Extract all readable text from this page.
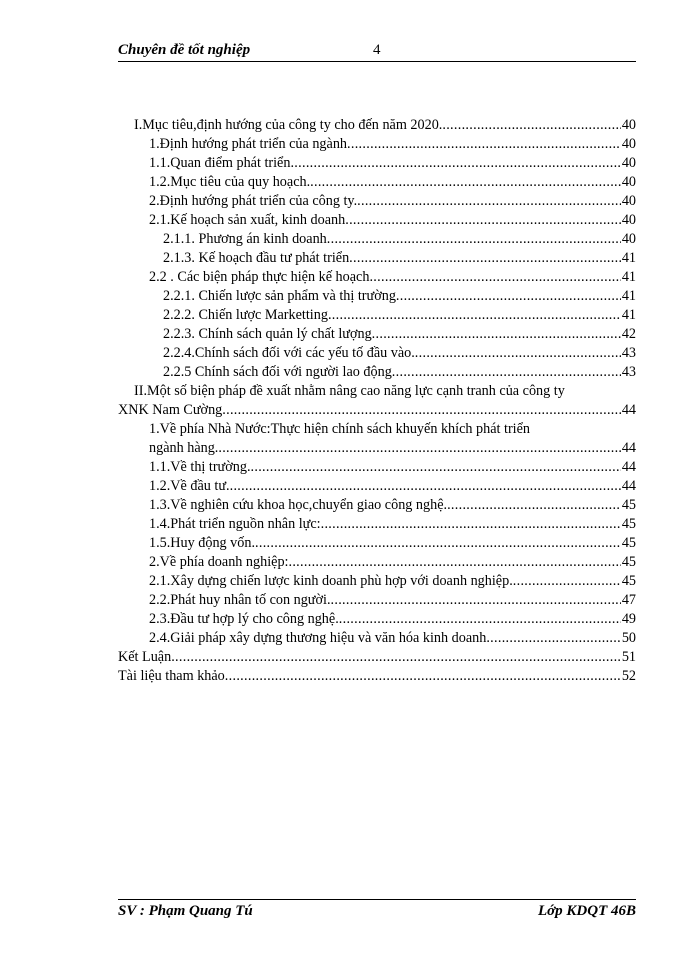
Chuyên đề tốt nghiệp	4
I.Mục tiêu,định hướng của công ty cho đến năm 2020. .....	40
1.Định hướng phát triển của ngành .....	40
1.1.Quan điểm phát triển .....	40
1.2.Mục tiêu của quy hoạch. .....	40
2.Định hướng phát triển của công ty. .....	40
2.1.Kế hoạch sản xuất, kinh doanh .....	40
2.1.1. Phương án kinh doanh .....	40
2.1.3. Kế hoạch đầu tư phát triển .....	41
2.2 . Các biện pháp thực hiện kế hoạch .....	41
2.2.1. Chiến lược sản phẩm và thị trường .....	41
2.2.2. Chiến lược Marketting .....	41
2.2.3. Chính sách quản lý chất lượng .....	42
2.2.4.Chính sách đối với các yếu tố đầu vào. .....	43
2.2.5 Chính sách đối với người lao động .....	43
II.Một số biện pháp đề xuất nhằm nâng cao năng lực cạnh tranh của công ty
XNK Nam Cường .....	44
1.Về phía Nhà Nước:Thực hiện chính sách khuyến khích phát triển
ngành hàng. .....	44
1.1.Về thị trường. .....	44
1.2.Về đầu tư. .....	44
1.3.Về nghiên cứu khoa học,chuyển giao công nghệ. .....	45
1.4.Phát triển nguồn nhân lực: .....	45
1.5.Huy động vốn. .....	45
2.Về phía doanh nghiệp: .....	45
2.1.Xây dựng chiến lược kinh doanh phù hợp với doanh nghiệp. .....	45
2.2.Phát huy nhân tố con người. .....	47
2.3.Đầu tư hợp lý cho công nghệ. .....	49
2.4.Giải pháp xây dựng thương hiệu và văn hóa kinh doanh .....	50
Kết Luận .....	51
Tài liệu tham khảo .....	52
SV : Phạm Quang Tú	Lớp KDQT 46B
